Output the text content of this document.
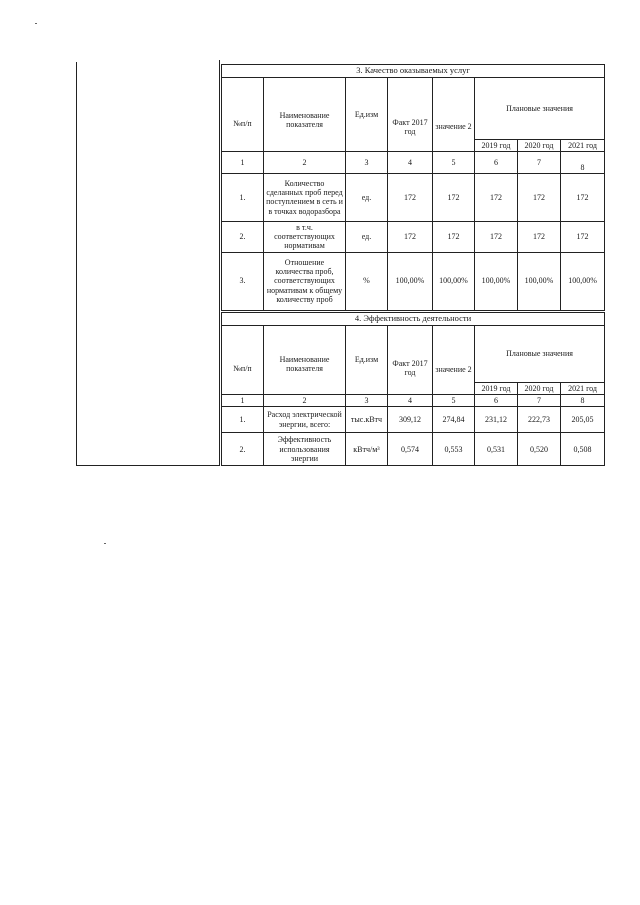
3. Качество оказываемых услуг							
№п/п	Наименование показателя	Ед.изм	Факт 2017 год	значение 2	Плановые значения		
					2019 год	2020 год	2021 год
1	2	3	4	5	6	7	8
1.	Количество сделанных проб перед поступлением в сеть и в точках водоразбора	ед.	172	172	172	172	172
2.	в т.ч. соответствующих нормативам	ед.	172	172	172	172	172
3.	Отношение количества проб, соответствующих нормативам к общему количеству проб	%	100,00%	100,00%	100,00%	100,00%	100,00%
4. Эффективность деятельности							
№п/п	Наименование показателя	Ед.изм	Факт 2017 год	значение 2	Плановые значения		
					2019 год	2020 год	2021 год
1	2	3	4	5	6	7	8
1.	Расход электрической энергии, всего:	тыс.кВтч	309,12	274,84	231,12	222,73	205,05
2.	Эффективность использования энергии	кВтч/м³	0,574	0,553	0,531	0,520	0,508
